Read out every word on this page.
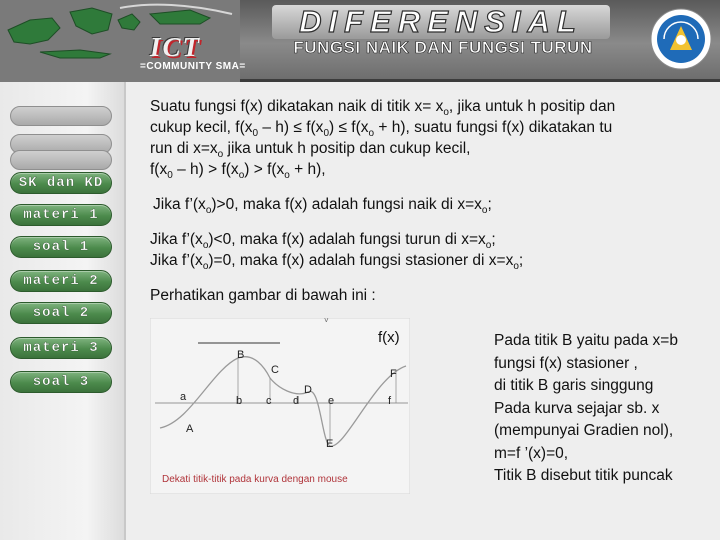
ICT
=COMMUNITY SMA=
DIFERENSIAL
FUNGSI NAIK DAN FUNGSI TURUN
SK dan KD
materi 1
soal 1
materi 2
soal 2
materi 3
soal 3

Suatu fungsi f(x) dikatakan naik di titik $x= x_o$, jika untuk h positip dan

cukup kecil, $f(x_0 - h) \le f(x_0) \le f(x_o + h)$, suatu fungsi f(x) dikatakan tu

run di $x=x_o$ jika untuk h positip dan cukup kecil,

$f(x_0 - h) > f(x_o) > f(x_o + h)$,

Jika $f’(x_o)>0$, maka f(x) adalah fungsi naik di $x=x_o$;

Jika $f’(x_o)<0$, maka f(x) adalah fungsi turun di $x=x_o$;

Jika $f’(x_o)=0$, maka f(x) adalah fungsi stasioner di $x=x_o$;

Perhatikan gambar di bawah ini :

˅
f(x)
A
B
C
D
E
F
a	b c d	e	f
Dekati titik-titik pada kurva dengan mouse
Pada titik B yaitu pada x=b
fungsi f(x) stasioner ,
di titik B garis singgung
Pada kurva sejajar sb. x
(mempunyai Gradien nol),
m=f ’(x)=0,
Titik B disebut titik puncak
